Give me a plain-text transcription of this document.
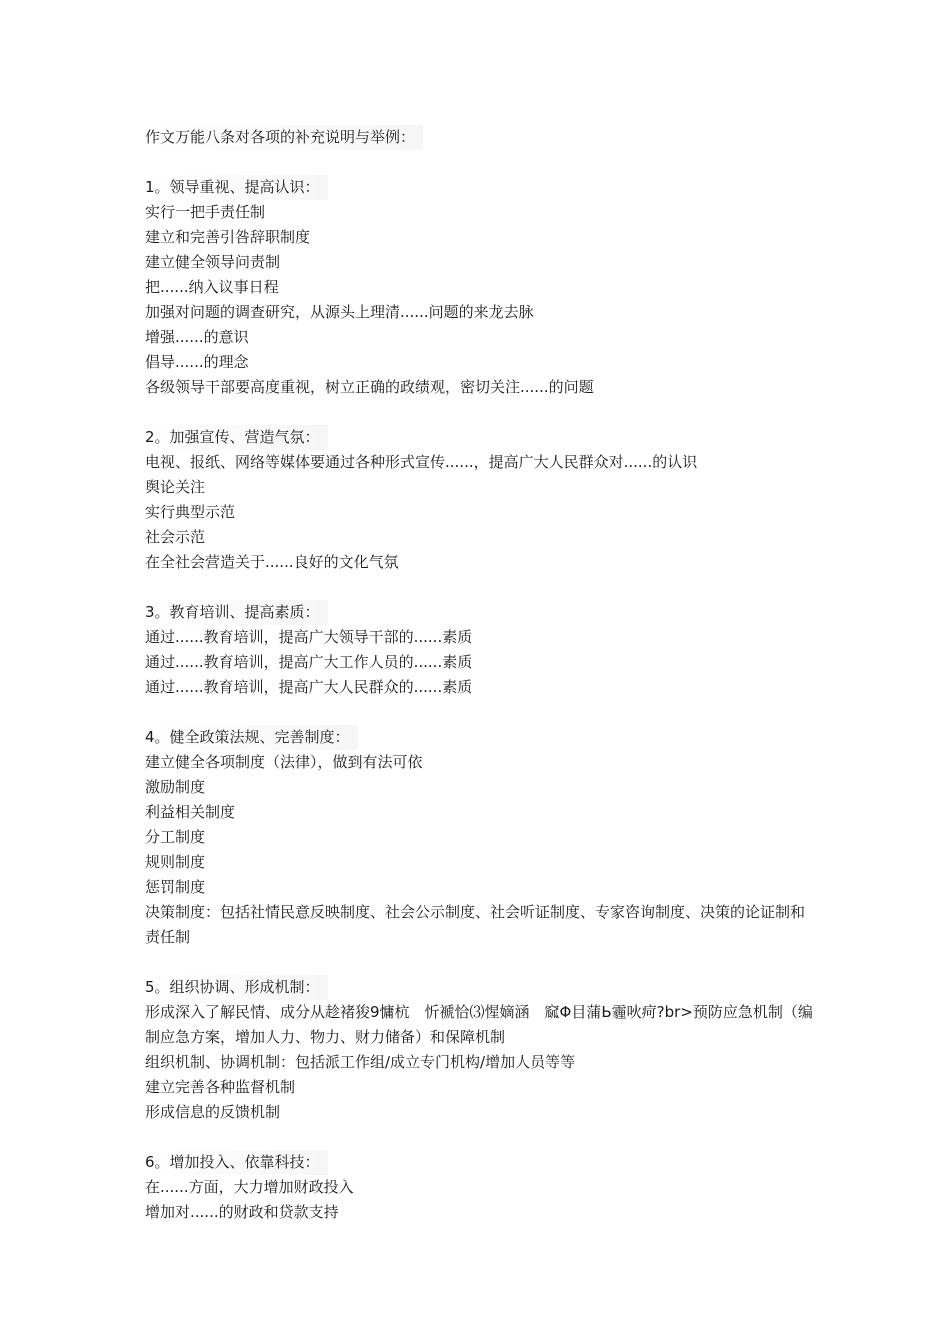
作文万能八条对各项的补充说明与举例：
1。领导重视、提高认识：
实行一把手责任制
建立和完善引咎辞职制度
建立健全领导问责制
把......纳入议事日程
加强对问题的调查研究，从源头上理清......问题的来龙去脉
增强......的意识
倡导......的理念
各级领导干部要高度重视，树立正确的政绩观，密切关注......的问题
2。加强宣传、营造气氛：
电视、报纸、网络等媒体要通过各种形式宣传......，提高广大人民群众对......的认识
舆论关注
实行典型示范
社会示范
在全社会营造关于......良好的文化气氛
3。教育培训、提高素质：
通过......教育培训，提高广大领导干部的......素质
通过......教育培训，提高广大工作人员的......素质
通过......教育培训，提高广大人民群众的......素质
4。健全政策法规、完善制度：
建立健全各项制度（法律），做到有法可依
激励制度
利益相关制度
分工制度
规则制度
惩罚制度
决策制度：包括社情民意反映制度、社会公示制度、社会听证制度、专家咨询制度、决策的论证制和责任制
5。组织协调、形成机制：
形成深入了解民情、成分从趁褚狻9慵杭　忻褫恰⑶惺嫡涵　窳Φ目蒲Ь霾吙疴?br>预防应急机制（编制应急方案，增加人力、物力、财力储备）和保障机制
组织机制、协调机制：包括派工作组/成立专门机构/增加人员等等
建立完善各种监督机制
形成信息的反馈机制
6。增加投入、依靠科技：
在......方面，大力增加财政投入
增加对......的财政和贷款支持
